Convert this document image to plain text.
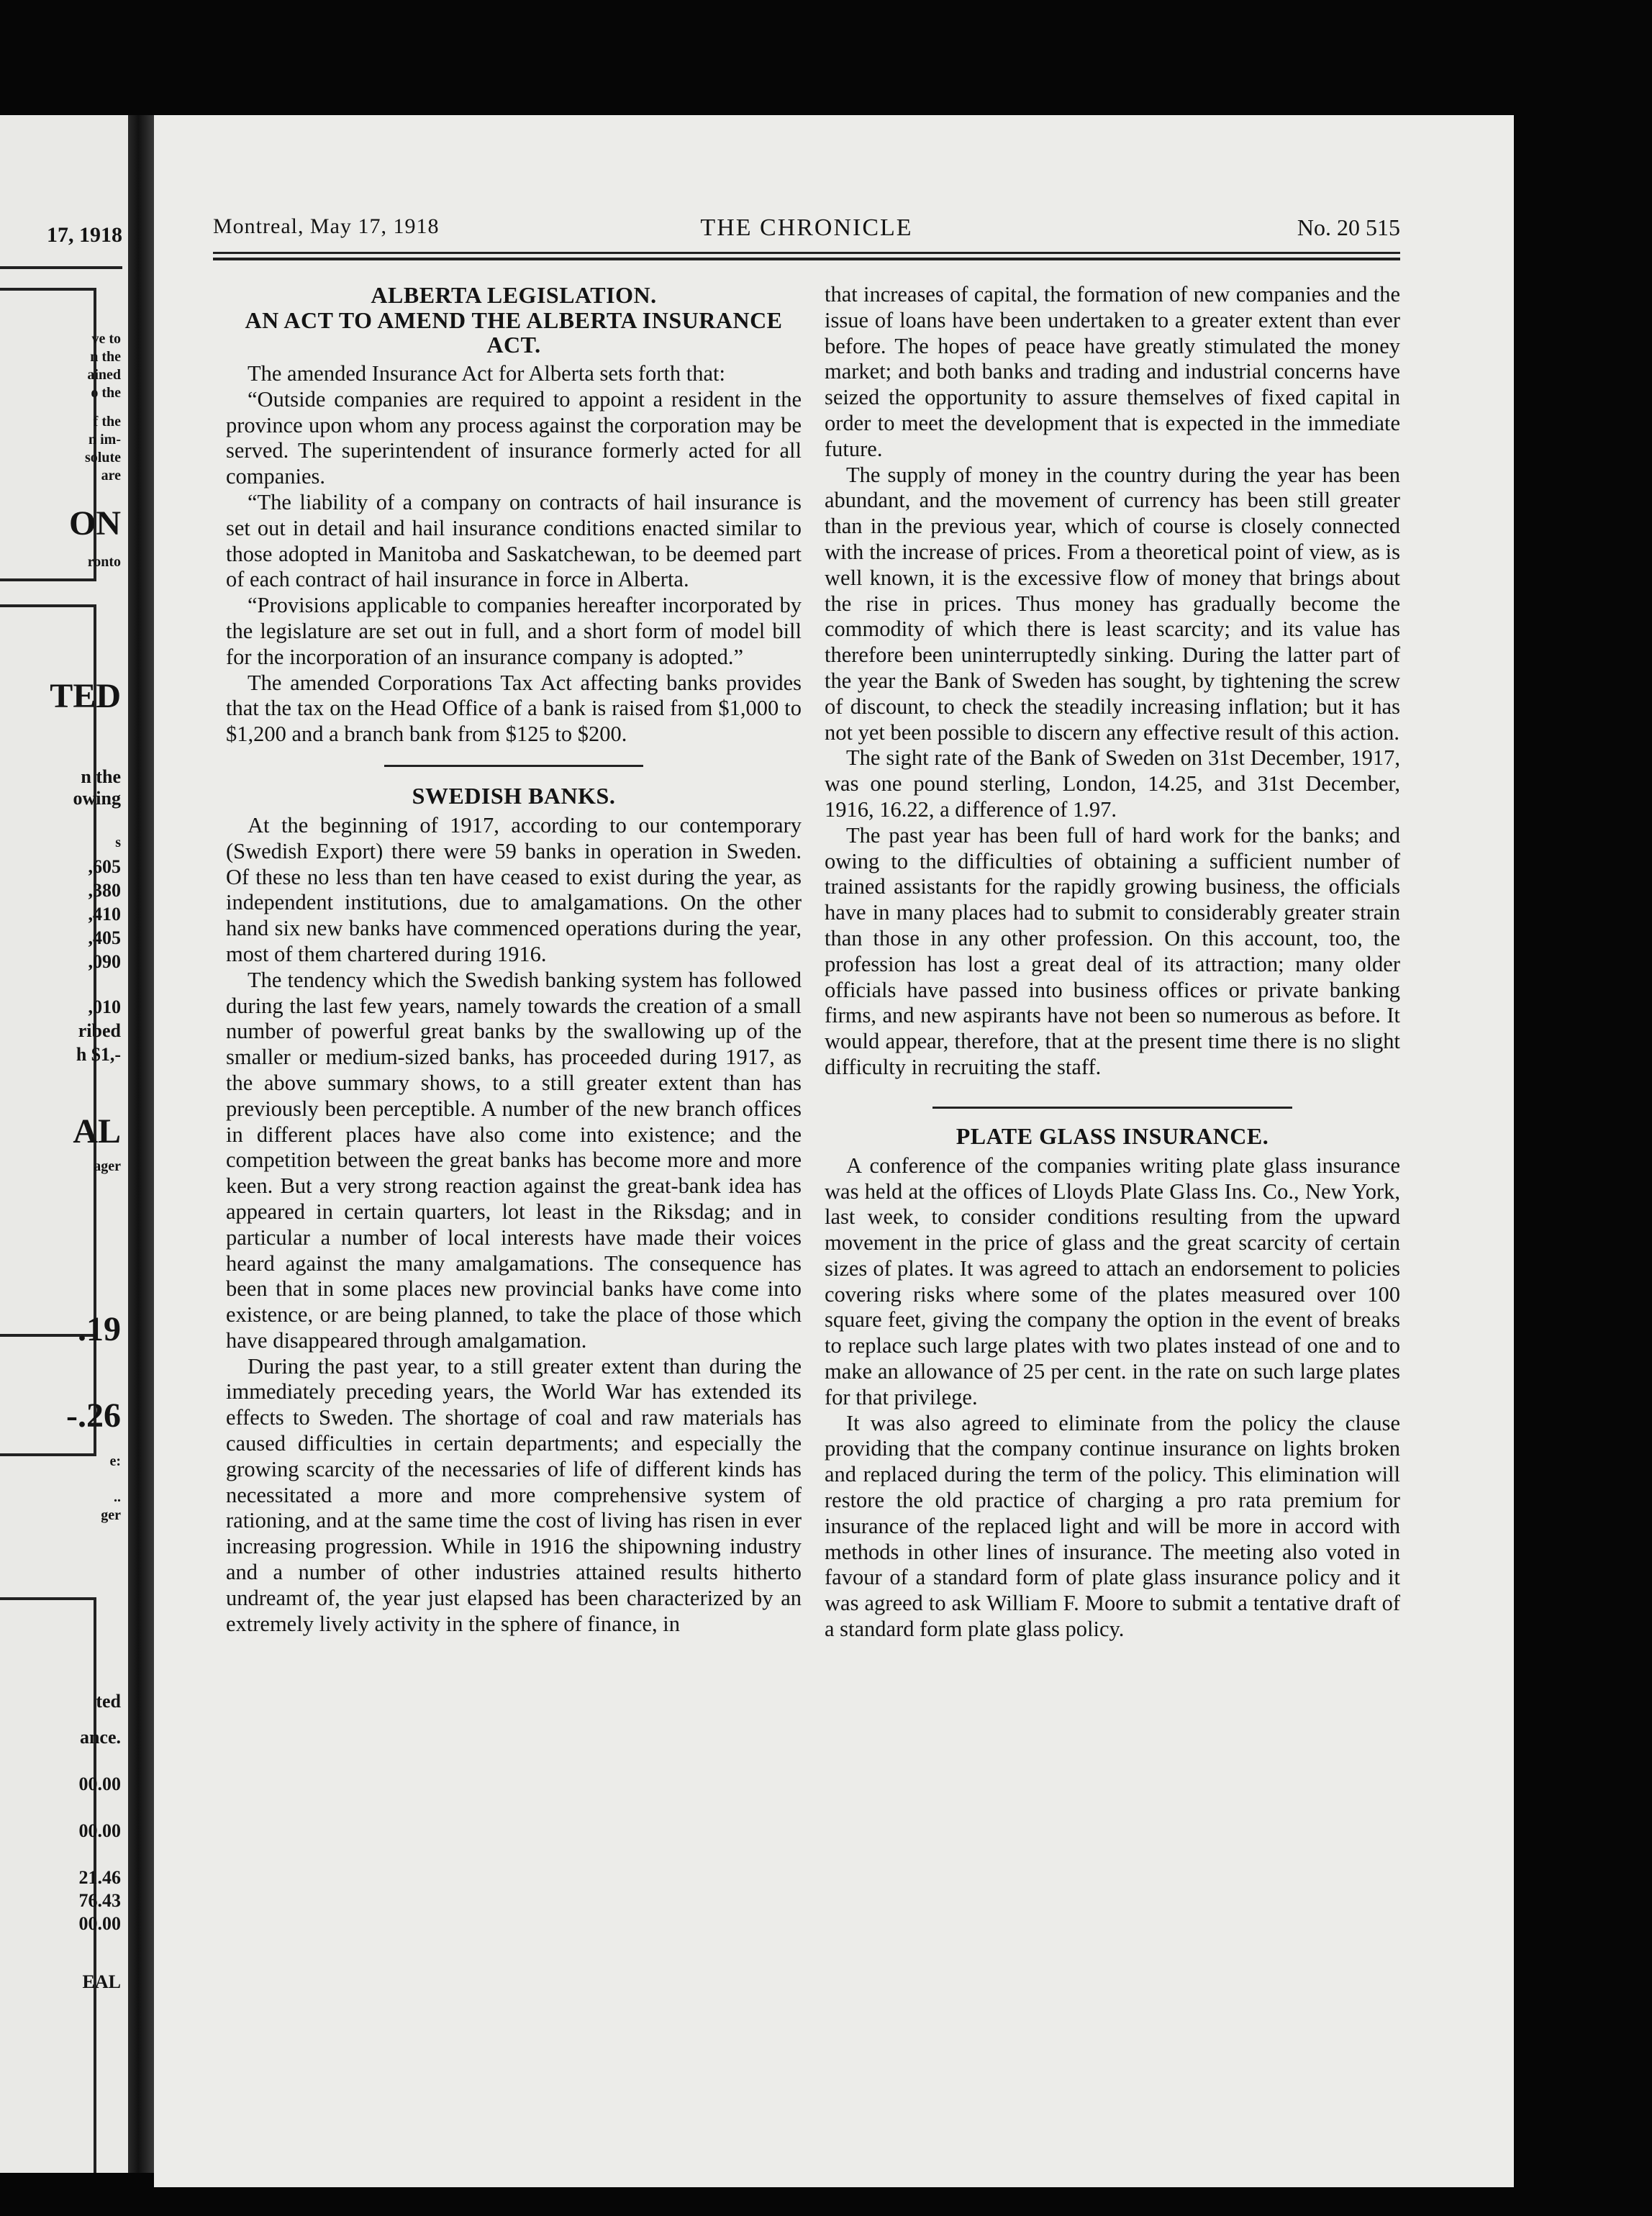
17, 1918
ve to
n the
ained
o the
f the
n im-
solute
are
ON
ronto
TED
n the
owing
s
,605
,380
,410
,405
,090
,010
ribed
h $1,-
AL
ager
.19
-.26
e:
..
ger
ted
ance.
00.00
00.00
21.46
76.43
00.00
EAL
Montreal, May 17, 1918	THE CHRONICLE	No. 20 515
ALBERTA LEGISLATION.
AN ACT TO AMEND THE ALBERTA INSURANCE ACT.

The amended Insurance Act for Alberta sets forth that:

“Outside companies are required to appoint a resident in the province upon whom any process against the corporation may be served. The superintendent of insurance formerly acted for all companies.

“The liability of a company on contracts of hail insurance is set out in detail and hail insurance conditions enacted similar to those adopted in Manitoba and Saskatchewan, to be deemed part of each contract of hail insurance in force in Alberta.

“Provisions applicable to companies hereafter incorporated by the legislature are set out in full, and a short form of model bill for the incorporation of an insurance company is adopted.”

The amended Corporations Tax Act affecting banks provides that the tax on the Head Office of a bank is raised from $1,000 to $1,200 and a branch bank from $125 to $200.

SWEDISH BANKS.

At the beginning of 1917, according to our contemporary (Swedish Export) there were 59 banks in operation in Sweden. Of these no less than ten have ceased to exist during the year, as independent institutions, due to amalgamations. On the other hand six new banks have commenced operations during the year, most of them chartered during 1916.

The tendency which the Swedish banking system has followed during the last few years, namely towards the creation of a small number of powerful great banks by the swallowing up of the smaller or medium-sized banks, has proceeded during 1917, as the above summary shows, to a still greater extent than has previously been perceptible. A number of the new branch offices in different places have also come into existence; and the competition between the great banks has become more and more keen. But a very strong reaction against the great-bank idea has appeared in certain quarters, lot least in the Riksdag; and in particular a number of local interests have made their voices heard against the many amalgamations. The consequence has been that in some places new provincial banks have come into existence, or are being planned, to take the place of those which have disappeared through amalgamation.

During the past year, to a still greater extent than during the immediately preceding years, the World War has extended its effects to Sweden. The shortage of coal and raw materials has caused difficulties in certain departments; and especially the growing scarcity of the necessaries of life of different kinds has necessitated a more and more comprehensive system of rationing, and at the same time the cost of living has risen in ever increasing progression. While in 1916 the shipowning industry and a number of other industries attained results hitherto undreamt of, the year just elapsed has been characterized by an extremely lively activity in the sphere of finance, in

that increases of capital, the formation of new companies and the issue of loans have been undertaken to a greater extent than ever before. The hopes of peace have greatly stimulated the money market; and both banks and trading and industrial concerns have seized the opportunity to assure themselves of fixed capital in order to meet the development that is expected in the immediate future.

The supply of money in the country during the year has been abundant, and the movement of currency has been still greater than in the previous year, which of course is closely connected with the increase of prices. From a theoretical point of view, as is well known, it is the excessive flow of money that brings about the rise in prices. Thus money has gradually become the commodity of which there is least scarcity; and its value has therefore been uninterruptedly sinking. During the latter part of the year the Bank of Sweden has sought, by tightening the screw of discount, to check the steadily increasing inflation; but it has not yet been possible to discern any effective result of this action.

The sight rate of the Bank of Sweden on 31st December, 1917, was one pound sterling, London, 14.25, and 31st December, 1916, 16.22, a difference of 1.97.

The past year has been full of hard work for the banks; and owing to the difficulties of obtaining a sufficient number of trained assistants for the rapidly growing business, the officials have in many places had to submit to considerably greater strain than those in any other profession. On this account, too, the profession has lost a great deal of its attraction; many older officials have passed into business offices or private banking firms, and new aspirants have not been so numerous as before. It would appear, therefore, that at the present time there is no slight difficulty in recruiting the staff.

PLATE GLASS INSURANCE.

A conference of the companies writing plate glass insurance was held at the offices of Lloyds Plate Glass Ins. Co., New York, last week, to consider conditions resulting from the upward movement in the price of glass and the great scarcity of certain sizes of plates. It was agreed to attach an endorsement to policies covering risks where some of the plates measured over 100 square feet, giving the company the option in the event of breaks to replace such large plates with two plates instead of one and to make an allowance of 25 per cent. in the rate on such large plates for that privilege.

It was also agreed to eliminate from the policy the clause providing that the company continue insurance on lights broken and replaced during the term of the policy. This elimination will restore the old practice of charging a pro rata premium for insurance of the replaced light and will be more in accord with methods in other lines of insurance. The meeting also voted in favour of a standard form of plate glass insurance policy and it was agreed to ask William F. Moore to submit a tentative draft of a standard form plate glass policy.
